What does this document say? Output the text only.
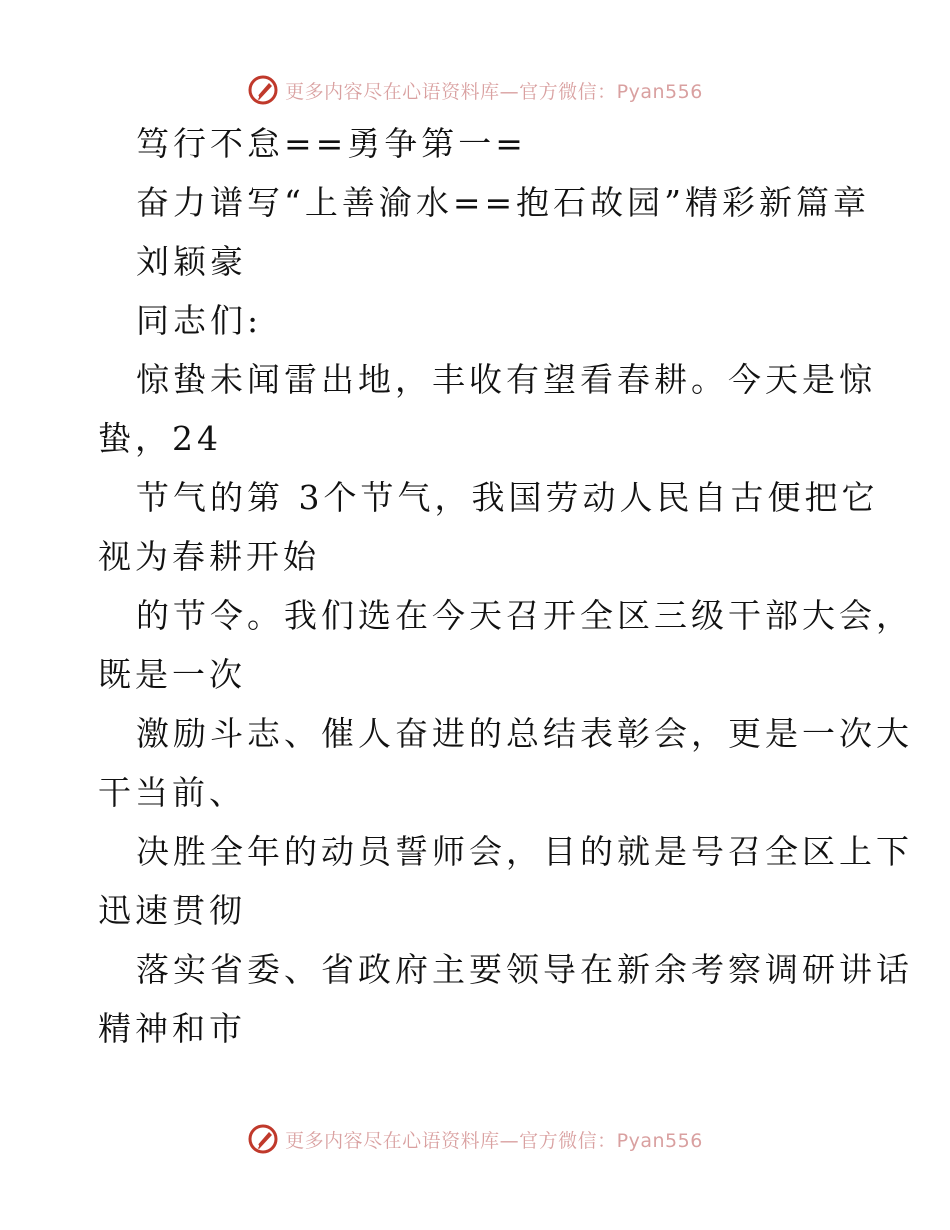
更多内容尽在心语资料库—官方微信：Pyan556
笃行不怠==勇争第一=
奋力谱写“上善渝水==抱石故园”精彩新篇章
刘颖豪
同志们:
惊蛰未闻雷出地，丰收有望看春耕。今天是惊
蛰，24
节气的第 3个节气，我国劳动人民自古便把它
视为春耕开始
的节令。我们选在今天召开全区三级干部大会，
既是一次
激励斗志、催人奋进的总结表彰会，更是一次大
干当前、
决胜全年的动员誓师会，目的就是号召全区上下
迅速贯彻
落实省委、省政府主要领导在新余考察调研讲话
精神和市
更多内容尽在心语资料库—官方微信：Pyan556
